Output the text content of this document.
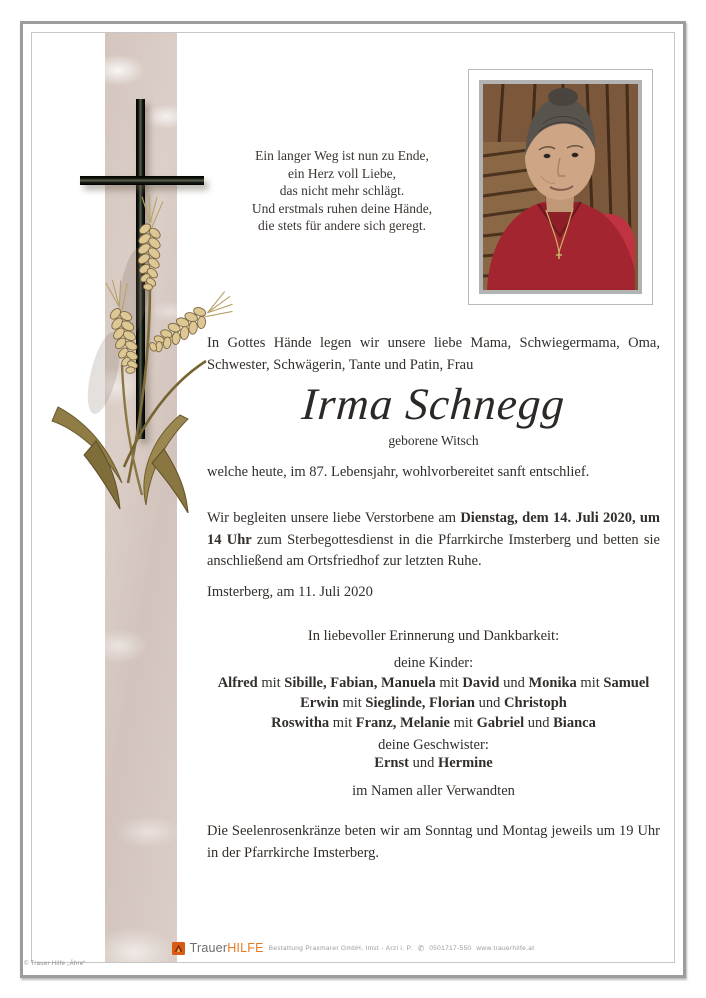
Ein langer Weg ist nun zu Ende,
ein Herz voll Liebe,
das nicht mehr schlägt.
Und erstmals ruhen deine Hände,
die stets für andere sich geregt.

In Gottes Hände legen wir unsere liebe Mama, Schwiegermama, Oma, Schwester, Schwägerin, Tante und Patin, Frau

Irma Schnegg
geborene Witsch

welche heute, im 87. Lebensjahr, wohlvorbereitet sanft entschlief.

Wir begleiten unsere liebe Verstorbene am Dienstag, dem 14. Juli 2020, um 14 Uhr zum Sterbegottesdienst in die Pfarrkirche Imsterberg und betten sie anschließend am Ortsfriedhof zur letzten Ruhe.

Imsterberg, am 11. Juli 2020

In liebevoller Erinnerung und Dankbarkeit:
deine Kinder:
Alfred mit Sibille, Fabian, Manuela mit David und Monika mit Samuel
Erwin mit Sieglinde, Florian und Christoph
Roswitha mit Franz, Melanie mit Gabriel und Bianca
deine Geschwister:
Ernst und Hermine
im Namen aller Verwandten

Die Seelenrosenkränze beten wir am Sonntag und Montag jeweils um 19 Uhr in der Pfarrkirche Imsterberg.

TrauerHILFE Bestattung Praxmarer GmbH, Imst - Arzl i. P. ✆ 0501717-550 www.trauerhilfe.at
© Trauer Hilfe „Ähre“
